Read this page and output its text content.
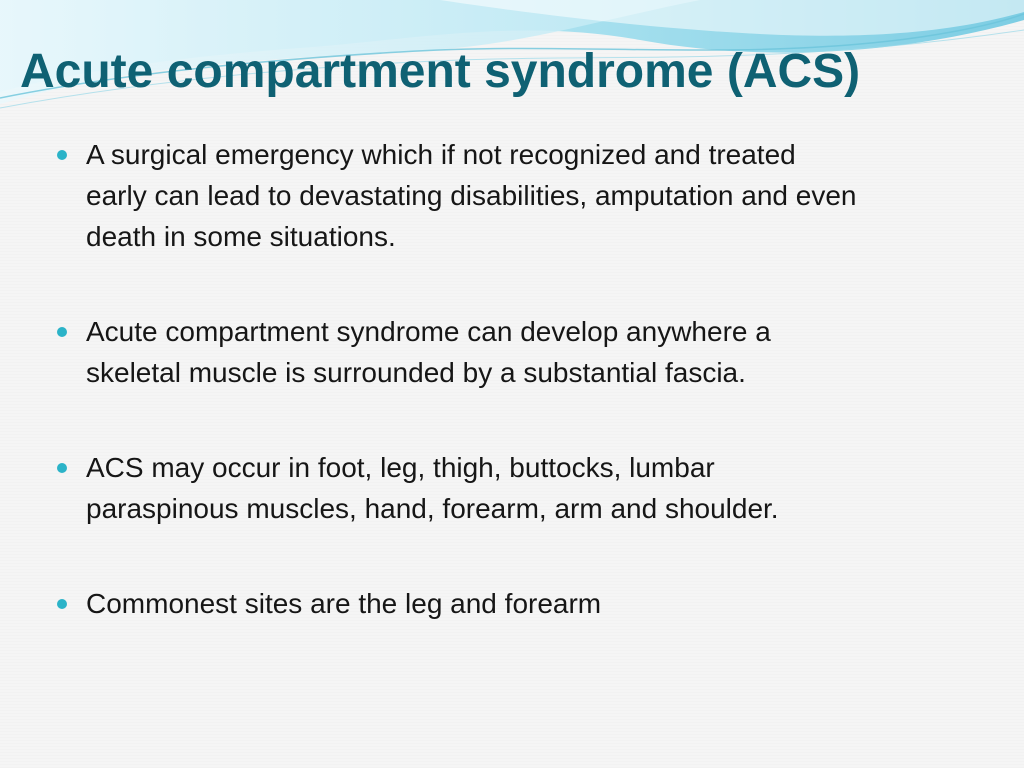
Acute compartment syndrome (ACS)
A surgical emergency which if not recognized and treated
early can lead to devastating disabilities, amputation and even
death in some situations.
Acute compartment syndrome can develop anywhere a
skeletal muscle is surrounded by a substantial fascia.
ACS may occur in foot, leg, thigh, buttocks, lumbar
paraspinous muscles, hand, forearm, arm and shoulder.
Commonest sites are the leg and forearm
